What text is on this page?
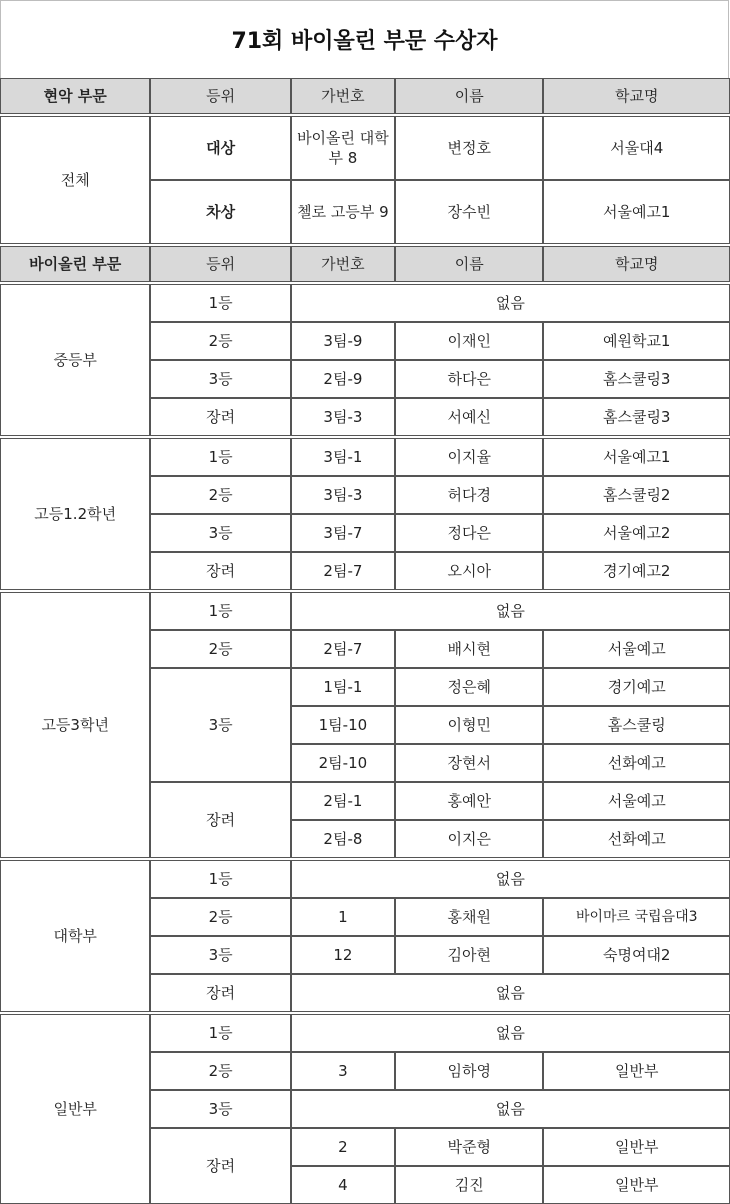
71회 바이올린 부문 수상자
현악 부문	등위	가번호	이름	학교명

전체	대상	바이올린 대학부 8	변정호	서울대4
	차상	첼로 고등부 9	장수빈	서울예고1

바이올린 부문	등위	가번호	이름	학교명

중등부	1등	없음		
	2등	3팀-9	이재인	예원학교1
	3등	2팀-9	하다은	홈스쿨링3
	장려	3팀-3	서예신	홈스쿨링3

고등1.2학년	1등	3팀-1	이지율	서울예고1
	2등	3팀-3	허다경	홈스쿨링2
	3등	3팀-7	정다은	서울예고2
	장려	2팀-7	오시아	경기예고2

고등3학년	1등	없음		
	2등	2팀-7	배시현	서울예고
	3등	1팀-1	정은혜	경기예고
		1팀-10	이형민	홈스쿨링
		2팀-10	장현서	선화예고
	장려	2팀-1	홍예안	서울예고
		2팀-8	이지은	선화예고

대학부	1등	없음		
	2등	1	홍채원	바이마르 국립음대3
	3등	12	김아현	숙명여대2
	장려	없음		

일반부	1등	없음		
	2등	3	임하영	일반부
	3등	없음		
	장려	2	박준형	일반부
		4	김진	일반부
